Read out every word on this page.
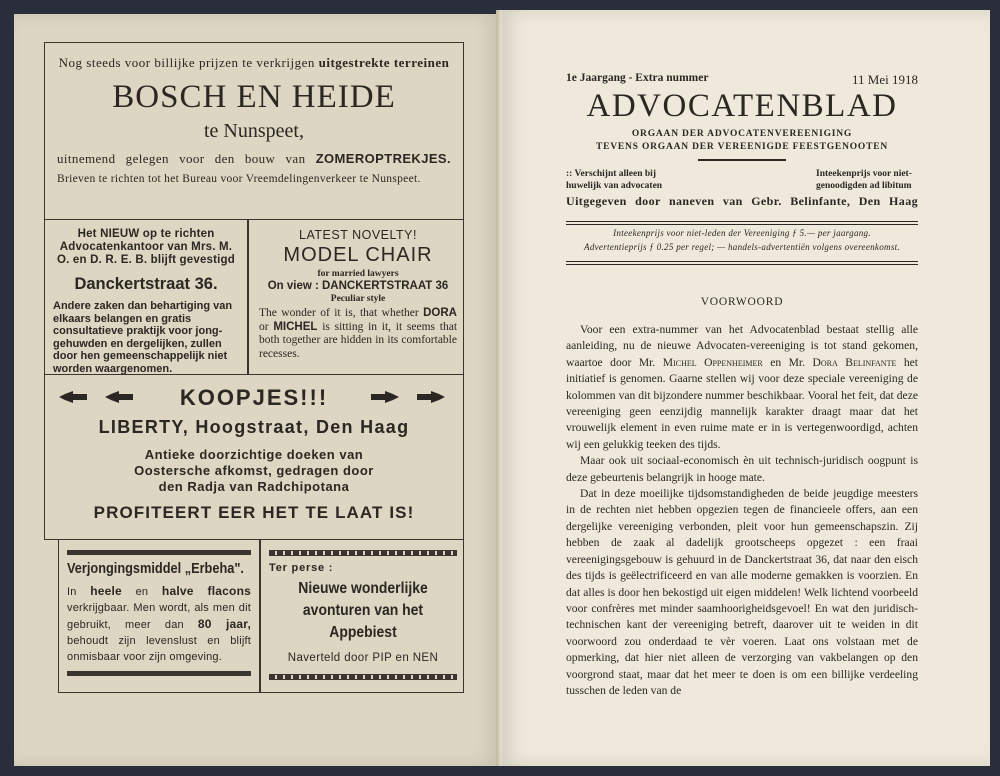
Nog steeds voor billijke prijzen te verkrijgen uitgestrekte terreinen
BOSCH EN HEIDE
te Nunspeet,
uitnemend gelegen voor den bouw van ZOMEROPTREKJES.
Brieven te richten tot het Bureau voor Vreemdelingenverkeer te Nunspeet.
Het NIEUW op te richten Advocatenkantoor van Mrs. M. O. en D. R. E. B. blijft gevestigd
Danckertstraat 36.
Andere zaken dan behartiging van elkaars belangen en gratis consultatieve praktijk voor jong-gehuwden en dergelijken, zullen door hen gemeenschappelijk niet worden waargenomen.
LATEST NOVELTY!
MODEL CHAIR
for married lawyers
On view : DANCKERTSTRAAT 36
Peculiar style
The wonder of it is, that whether DORA or MICHEL is sitting in it, it seems that both together are hidden in its comfortable recesses.
KOOPJES!!!
LIBERTY, Hoogstraat, Den Haag
Antieke doorzichtige doeken van
Oostersche afkomst, gedragen door
den Radja van Radchipotana
PROFITEERT EER HET TE LAAT IS!
Verjongingsmiddel „Erbeha".
In heele en halve flacons verkrijgbaar. Men wordt, als men dit gebruikt, meer dan 80 jaar, behoudt zijn levenslust en blijft onmisbaar voor zijn omgeving.
Ter perse :
Nieuwe wonderlijke avonturen van het Appebiest
Naverteld door PIP en NEN
1e Jaargang - Extra nummer	11 Mei 1918
ADVOCATENBLAD
ORGAAN DER ADVOCATENVEREENIGING
TEVENS ORGAAN DER VEREENIGDE FEESTGENOOTEN
:: Verschijnt alleen bij
huwelijk van advocaten
Inteekenprijs voor niet-
genoodigden ad libitum
Uitgegeven door naneven van Gebr. Belinfante, Den Haag
Inteekenprijs voor niet-leden der Vereeniging ƒ 5.— per jaargang.
Advertentieprijs ƒ 0.25 per regel; — handels-advertentiën volgens overeenkomst.
VOORWOORD

Voor een extra-nummer van het Advocatenblad bestaat stellig alle aanleiding, nu de nieuwe Advocaten-vereeniging is tot stand gekomen, waartoe door Mr. Michel Oppenheimer en Mr. Dora Belinfante het initiatief is genomen. Gaarne stellen wij voor deze speciale vereeniging de kolommen van dit bijzondere nummer beschikbaar. Vooral het feit, dat deze vereeniging geen eenzijdig mannelijk karakter draagt maar dat het vrouwelijk element in even ruime mate er in is vertegenwoordigd, achten wij een gelukkig teeken des tijds.

Maar ook uit sociaal-economisch èn uit technisch-juridisch oogpunt is deze gebeurtenis belangrijk in hooge mate.

Dat in deze moeilijke tijdsomstandigheden de beide jeugdige meesters in de rechten niet hebben opgezien tegen de financieele offers, aan een dergelijke vereeniging verbonden, pleit voor hun gemeenschapszin. Zij hebben de zaak al dadelijk grootscheeps opgezet : een fraai vereenigingsgebouw is gehuurd in de Danckertstraat 36, dat naar den eisch des tijds is geëlectrificeerd en van alle moderne gemakken is voorzien. En dat alles is door hen bekostigd uit eigen middelen! Welk lichtend voorbeeld voor confrères met minder saamhoorigheidsgevoel! En wat den juridisch-technischen kant der vereeniging betreft, daarover uit te weiden in dit voorwoord zou onderdaad te vèr voeren. Laat ons volstaan met de opmerking, dat hier niet alleen de verzorging van vakbelangen op den voorgrond staat, maar dat het meer te doen is om een billijke verdeeling tusschen de leden van de
